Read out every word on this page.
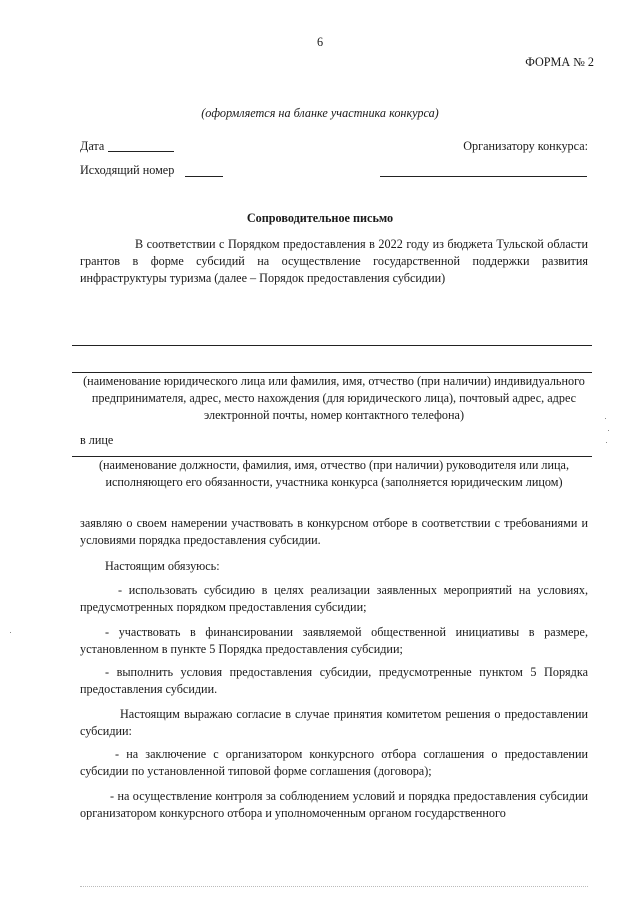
6
ФОРМА № 2
(оформляется на бланке участника конкурса)
Дата
Исходящий номер
Организатору конкурса:
Сопроводительное письмо
В соответствии с Порядком предоставления в 2022 году из бюджета Тульской области грантов в форме субсидий на осуществление государственной поддержки развития инфраструктуры туризма (далее – Порядок предоставления субсидии)
(наименование юридического лица или фамилия, имя, отчество (при наличии) индивидуального предпринимателя, адрес, место нахождения (для юридического лица), почтовый адрес, адрес электронной почты, номер контактного телефона)
в лице
(наименование должности, фамилия, имя, отчество (при наличии) руководителя или лица, исполняющего его обязанности, участника конкурса (заполняется юридическим лицом)
заявляю о своем намерении участвовать в конкурсном отборе в соответствии с требованиями и условиями порядка предоставления субсидии.
Настоящим обязуюсь:
- использовать субсидию в целях реализации заявленных мероприятий на условиях, предусмотренных порядком предоставления субсидии;
- участвовать в финансировании заявляемой общественной инициативы в размере, установленном в пункте 5 Порядка предоставления субсидии;
- выполнить условия предоставления субсидии, предусмотренные пунктом 5 Порядка предоставления субсидии.
Настоящим выражаю согласие в случае принятия комитетом решения о предоставлении субсидии:
- на заключение с организатором конкурсного отбора соглашения о предоставлении субсидии по установленной типовой форме соглашения (договора);
- на осуществление контроля за соблюдением условий и порядка предоставления субсидии организатором конкурсного отбора и уполномоченным органом государственного
